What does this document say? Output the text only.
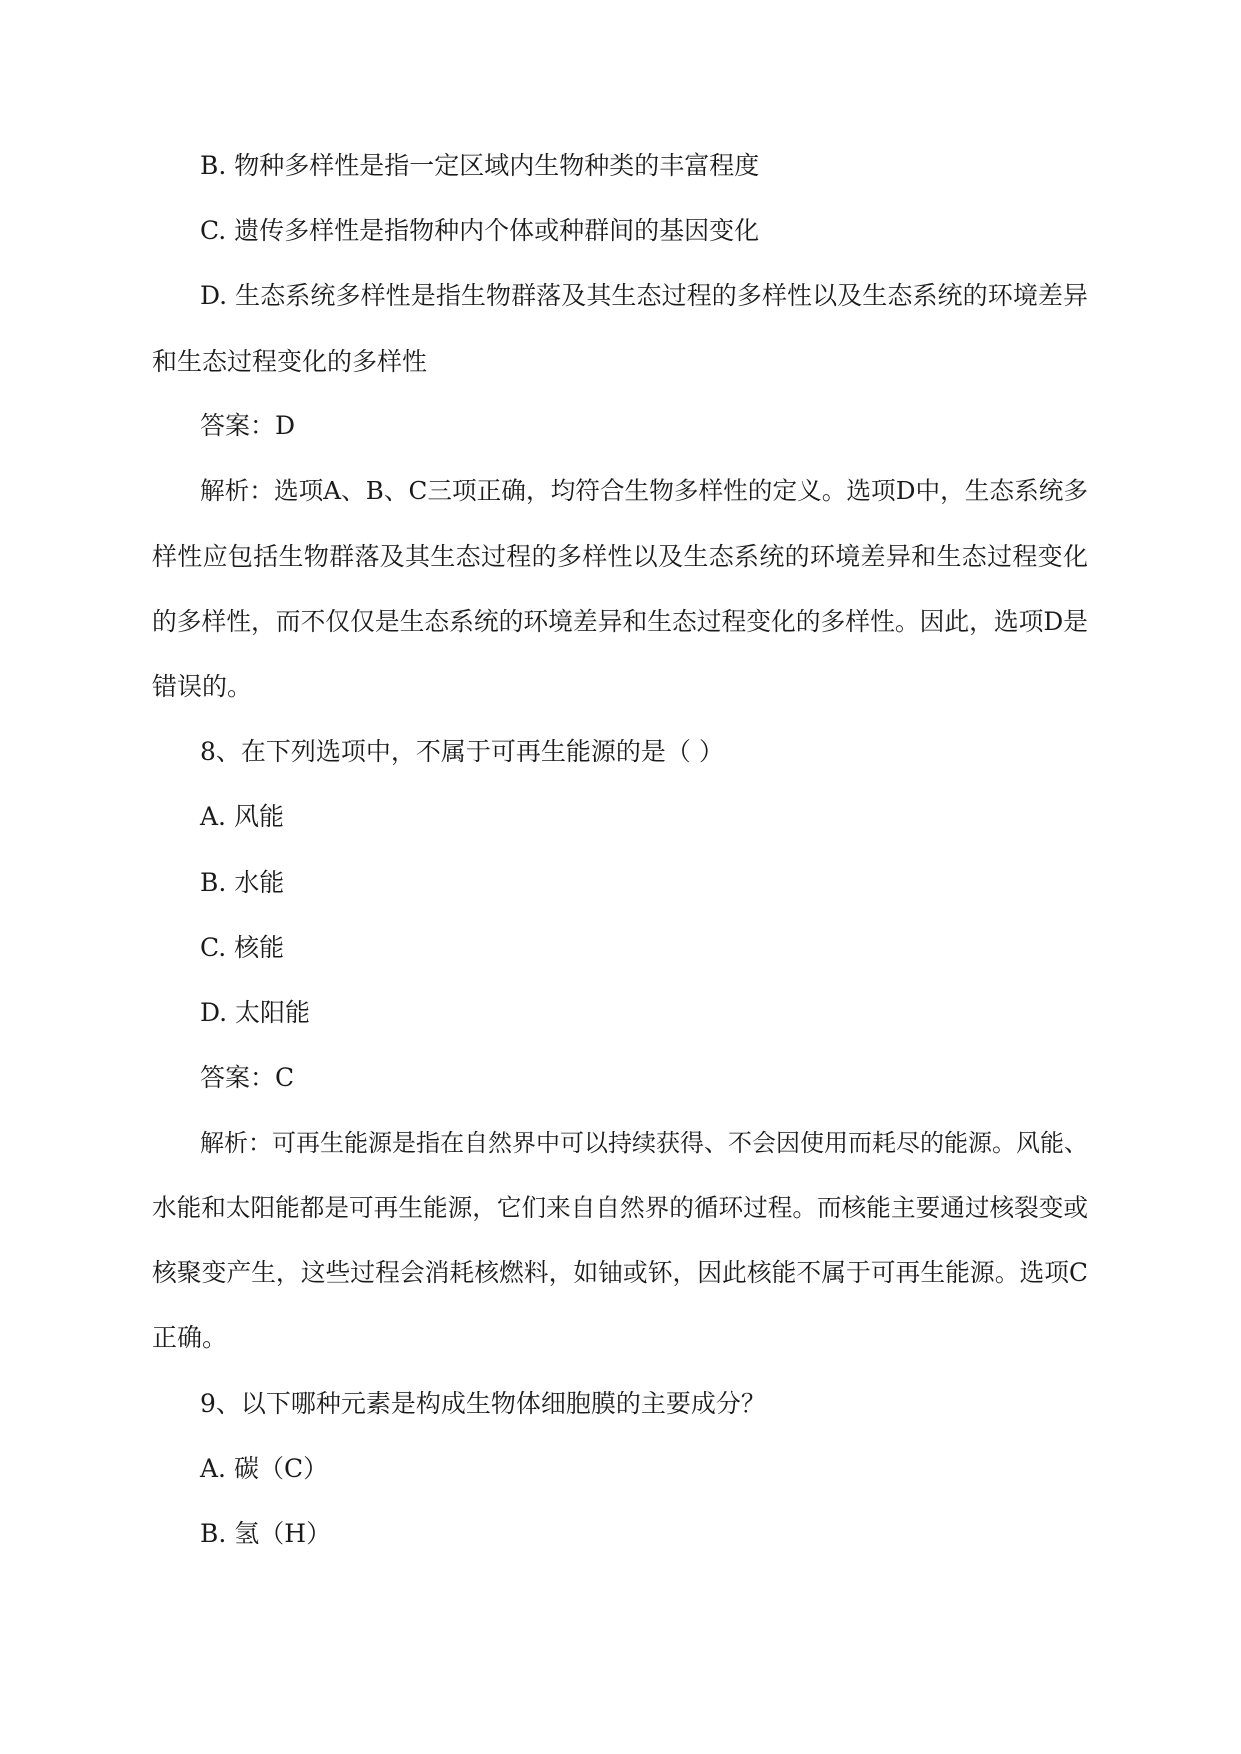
B. 物种多样性是指一定区域内生物种类的丰富程度
C. 遗传多样性是指物种内个体或种群间的基因变化
D. 生态系统多样性是指生物群落及其生态过程的多样性以及生态系统的环境差异
和生态过程变化的多样性
答案：D
解析：选项A、B、C三项正确，均符合生物多样性的定义。选项D中，生态系统多
样性应包括生物群落及其生态过程的多样性以及生态系统的环境差异和生态过程变化
的多样性，而不仅仅是生态系统的环境差异和生态过程变化的多样性。因此，选项D是
错误的。
8、在下列选项中，不属于可再生能源的是（ ）
A. 风能
B. 水能
C. 核能
D. 太阳能
答案：C
解析：可再生能源是指在自然界中可以持续获得、不会因使用而耗尽的能源。风能、
水能和太阳能都是可再生能源，它们来自自然界的循环过程。而核能主要通过核裂变或
核聚变产生，这些过程会消耗核燃料，如铀或钚，因此核能不属于可再生能源。选项C
正确。
9、以下哪种元素是构成生物体细胞膜的主要成分？
A. 碳（C）
B. 氢（H）
